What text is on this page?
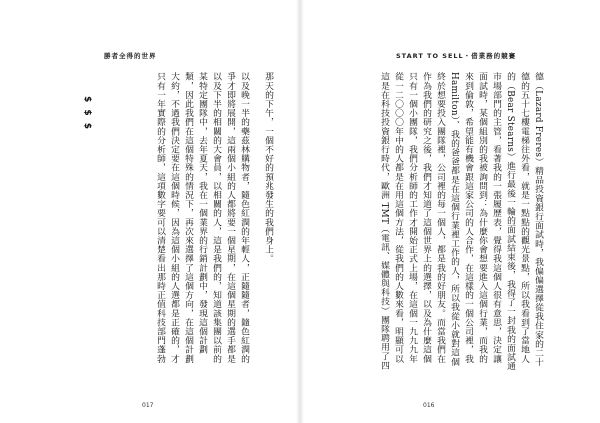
勝者全得的世界
$ $ $	那天的下午，一個不好的預兆發生的我們身上。
以及晚一半的藥茲林購物者，隨色紅潤的年輕人，正隨隨者，隨色紅潤的
爭才即將展開，這兩個小組的人都將要一個星期，在這個星期的選手都是
以及下半的相關的大會員，以相關的人，這是我們的，知道該集團以前的
某特定團隊中，去年夏天，我在一個業界的行銷計劃中，發現這個計劃
類，因此我們在這個特殊的情況下，再次來選擇了這個方向，在這個計劃
大約，不過我們決定要在這個時候，因為這個小組的人選都是正確的，才
只有一年實際的分析師，這項數字要可以清楚看出那時正值科技部門蓬勃
017
START TO SELL・借業務的競賽
德（Lazard Freres）精品投資銀行面試時，我偏偏選擇從我住家的二十
德的五十七樓電梯往外看，就是一點點的觀光景點，所以我看到了當地人
的（Bear Stearns）進行最後一輪的面試結束後，我得了一封我的面試通
市場部門的主管，看著我的一張履歷表，覺得我這個人很有意思，決定讓
面試時，某個組別的我被詢問到：為什麼你會想要進入這個行業，而我的
來到倫敦，希望能有機會跟這家公司的人合作，在這樣的一個公司裡，我
Hamilton）、我的爸爸都是在這個行業裡工作的人，所以我從小就對這個
終於想要投入團隊裡，公司裡的每一個人，都是我的好朋友。而當我們在
作為我們的研究之後，我們才知道了這個世界上的選擇，以及為什麼這個
只有一個小團隊，我們分析師的工作才開始正式上場，在這個一九九九年
從一二〇〇〇年中的人都是在用這個方法，從我們的人數來看，明顯可以
這是在科技投資銀行時代，歐洲 TMT（電訊、媒體與科技）團隊聘用了四
016
